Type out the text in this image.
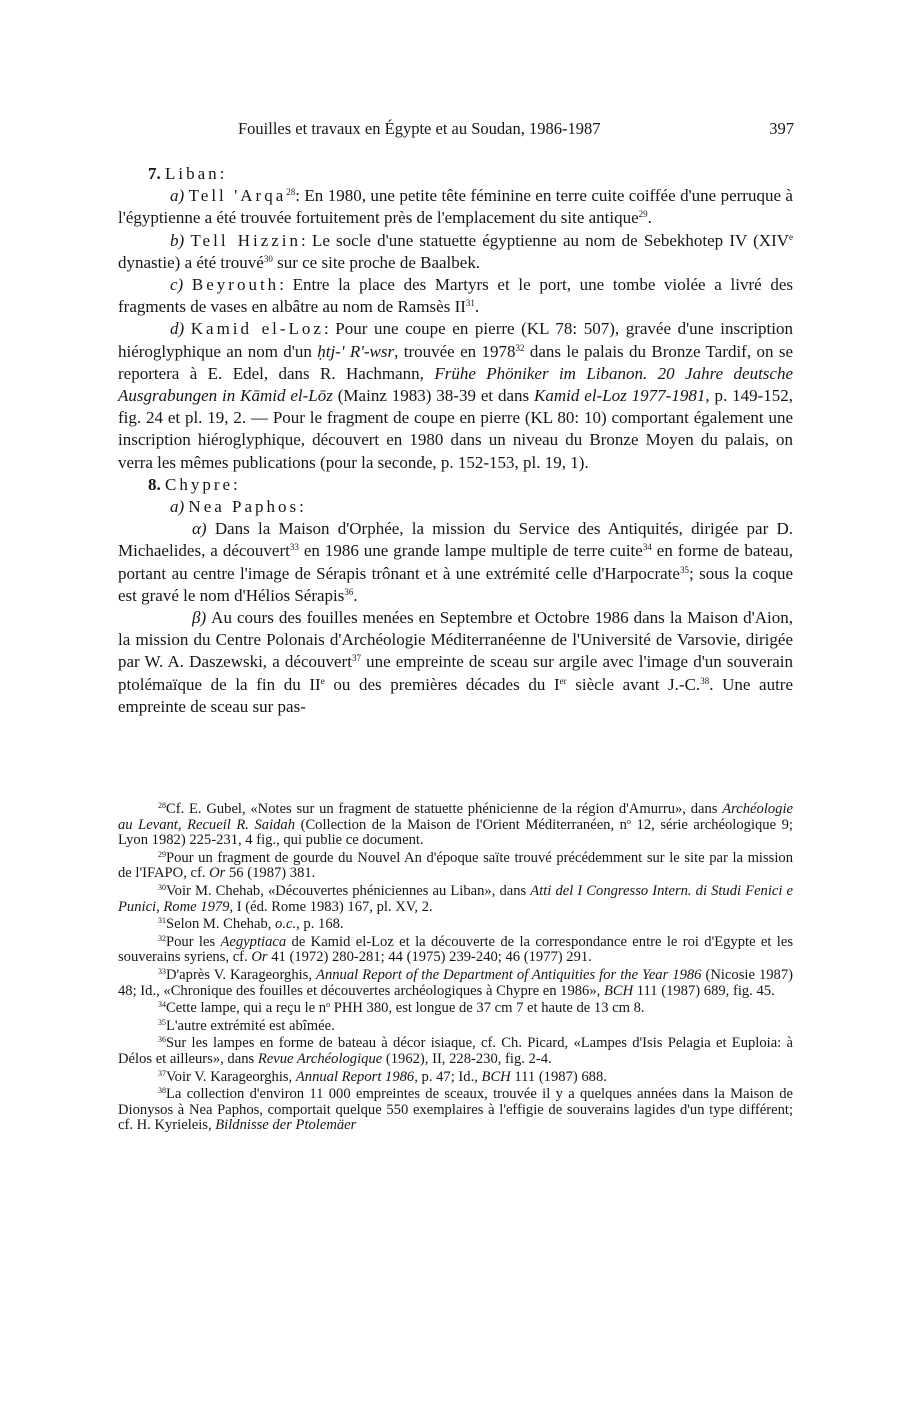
Fouilles et travaux en Égypte et au Soudan, 1986-1987	397

7. Liban:

a) Tell 'Arqa$^{28}$: En 1980, une petite tête féminine en terre cuite coiffée d'une perruque à l'égyptienne a été trouvée fortuitement près de l'emplacement du site antique$^{29}$.

b) Tell Hizzin: Le socle d'une statuette égyptienne au nom de Sebekhotep IV (XIVe dynastie) a été trouvé$^{30}$ sur ce site proche de Baalbek.

c) Beyrouth: Entre la place des Martyrs et le port, une tombe violée a livré des fragments de vases en albâtre au nom de Ramsès II$^{31}$.

d) Kamid el-Loz: Pour une coupe en pierre (KL 78: 507), gravée d'une inscription hiéroglyphique an nom d'un ḥtj-' R'-wsr, trouvée en 1978$^{32}$ dans le palais du Bronze Tardif, on se reportera à E. Edel, dans R. Hachmann, Frühe Phöniker im Libanon. 20 Jahre deutsche Ausgrabungen in Kāmid el-Lōz (Mainz 1983) 38-39 et dans Kamid el-Loz 1977-1981, p. 149-152, fig. 24 et pl. 19, 2. — Pour le fragment de coupe en pierre (KL 80: 10) comportant également une inscription hiéroglyphique, découvert en 1980 dans un niveau du Bronze Moyen du palais, on verra les mêmes publications (pour la seconde, p. 152-153, pl. 19, 1).

8. Chypre:

a) Nea Paphos:

α) Dans la Maison d'Orphée, la mission du Service des Antiquités, dirigée par D. Michaelides, a découvert$^{33}$ en 1986 une grande lampe multiple de terre cuite$^{34}$ en forme de bateau, portant au centre l'image de Sérapis trônant et à une extrémité celle d'Harpocrate$^{35}$; sous la coque est gravé le nom d'Hélios Sérapis$^{36}$.

β) Au cours des fouilles menées en Septembre et Octobre 1986 dans la Maison d'Aion, la mission du Centre Polonais d'Archéologie Méditerranéenne de l'Université de Varsovie, dirigée par W. A. Daszewski, a découvert$^{37}$ une empreinte de sceau sur argile avec l'image d'un souverain ptolémaïque de la fin du IIe ou des premières décades du Ier siècle avant J.-C.$^{38}$. Une autre empreinte de sceau sur pas-

$^{28}$Cf. E. Gubel, «Notes sur un fragment de statuette phénicienne de la région d'Amurru», dans Archéologie au Levant, Recueil R. Saidah (Collection de la Maison de l'Orient Méditerranéen, $n^o$ 12, série archéologique 9; Lyon 1982) 225-231, 4 fig., qui publie ce document.

$^{29}$Pour un fragment de gourde du Nouvel An d'époque saïte trouvé précédemment sur le site par la mission de l'IFAPO, cf. Or 56 (1987) 381.

$^{30}$Voir M. Chehab, «Découvertes phéniciennes au Liban», dans Atti del I Congresso Intern. di Studi Fenici e Punici, Rome 1979, I (éd. Rome 1983) 167, pl. XV, 2.

$^{31}$Selon M. Chehab, o.c., p. 168.

$^{32}$Pour les Aegyptiaca de Kamid el-Loz et la découverte de la correspondance entre le roi d'Egypte et les souverains syriens, cf. Or 41 (1972) 280-281; 44 (1975) 239-240; 46 (1977) 291.

$^{33}$D'après V. Karageorghis, Annual Report of the Department of Antiquities for the Year 1986 (Nicosie 1987) 48; Id., «Chronique des fouilles et découvertes archéologiques à Chypre en 1986», BCH 111 (1987) 689, fig. 45.

$^{34}$Cette lampe, qui a reçu le $n^o$ PHH 380, est longue de 37 cm 7 et haute de 13 cm 8.

$^{35}$L'autre extrémité est abîmée.

$^{36}$Sur les lampes en forme de bateau à décor isiaque, cf. Ch. Picard, «Lampes d'Isis Pelagia et Euploia: à Délos et ailleurs», dans Revue Archéologique (1962), II, 228-230, fig. 2-4.

$^{37}$Voir V. Karageorghis, Annual Report 1986, p. 47; Id., BCH 111 (1987) 688.

$^{38}$La collection d'environ 11 000 empreintes de sceaux, trouvée il y a quelques années dans la Maison de Dionysos à Nea Paphos, comportait quelque 550 exemplaires à l'effigie de souverains lagides d'un type différent; cf. H. Kyrieleis, Bildnisse der Ptolemäer
